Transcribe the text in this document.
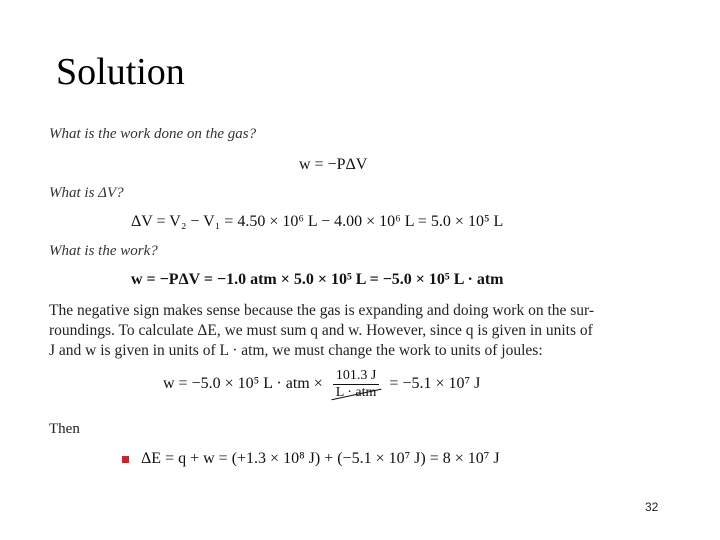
Solution
What is the work done on the gas?
w = −PΔV
What is ΔV?
ΔV = V₂ − V₁ = 4.50 × 10⁶ L − 4.00 × 10⁶ L = 5.0 × 10⁵ L
What is the work?
w = −PΔV = −1.0 atm × 5.0 × 10⁵ L = −5.0 × 10⁵ L · atm

The negative sign makes sense because the gas is expanding and doing work on the sur-

roundings. To calculate ΔE, we must sum q and w. However, since q is given in units of

J and w is given in units of L · atm, we must change the work to units of joules:

w = −5.0 × 10⁵ L · atm × $\frac{101.3 J}{\text{L · atm}} = -5.1 \times 10^7$ J
Then
ΔE = q + w = (+1.3 × 10⁸ J) + (−5.1 × 10⁷ J) = 8 × 10⁷ J
32
